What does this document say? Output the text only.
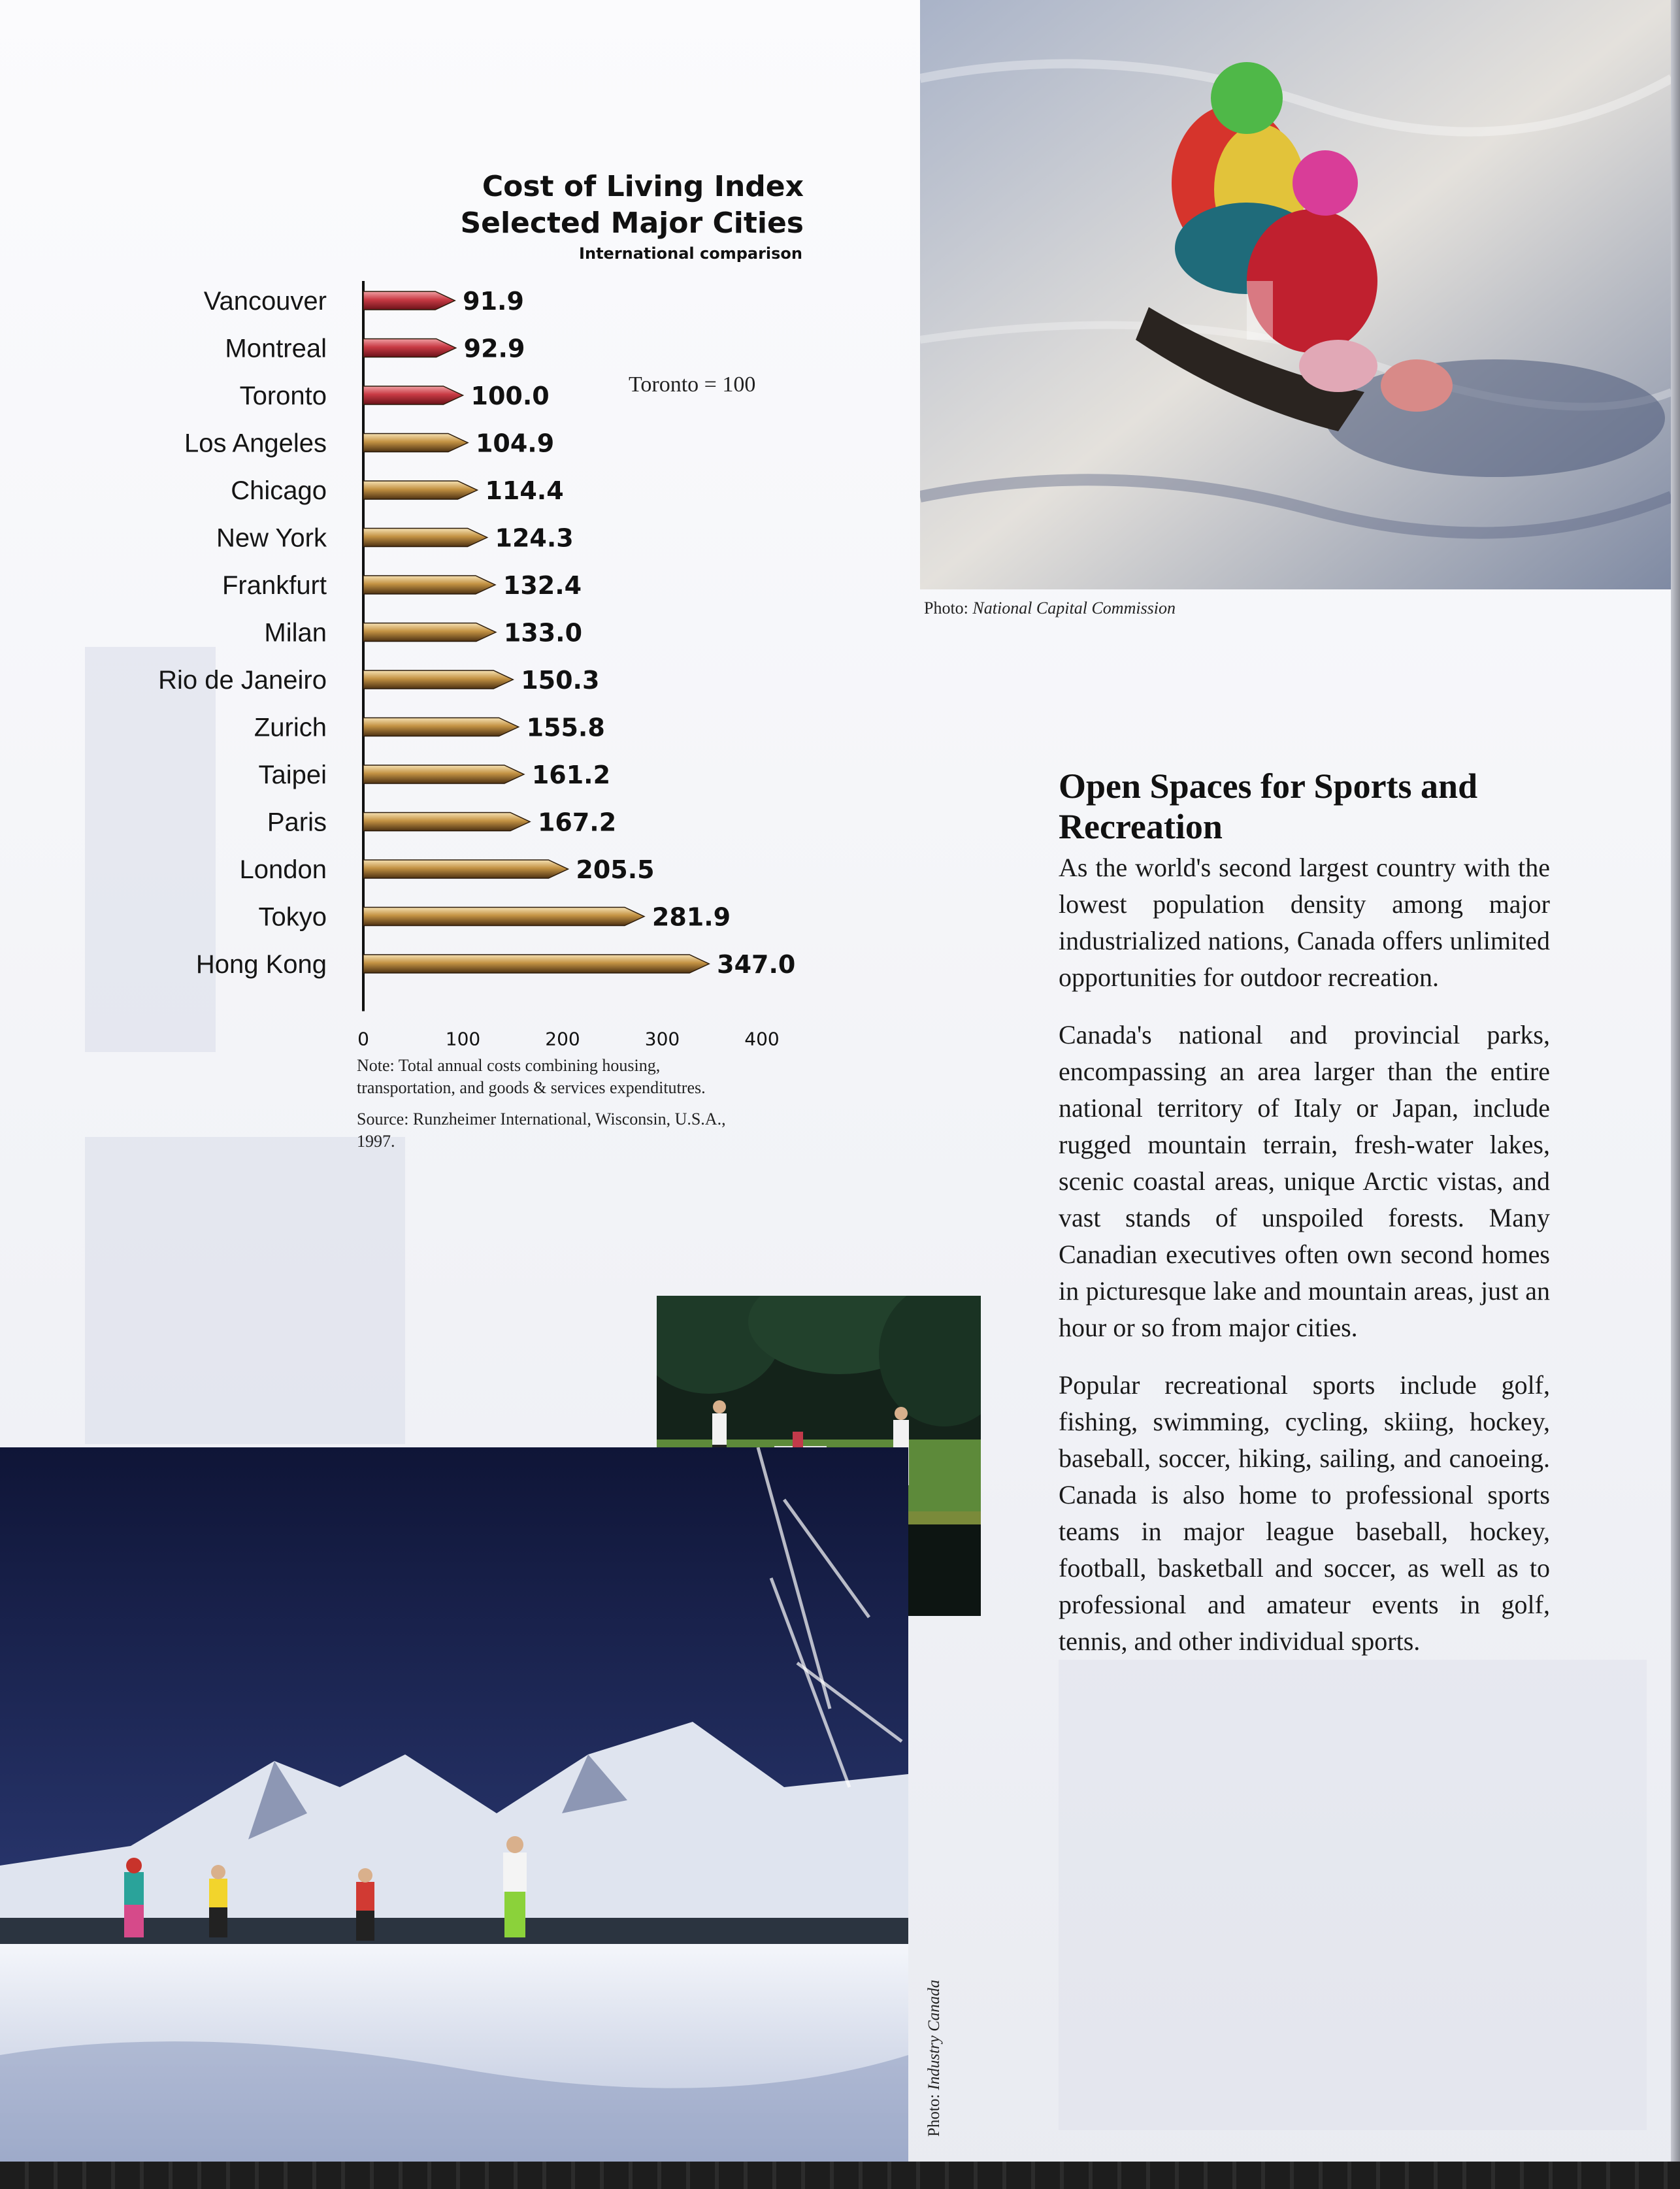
Cost of Living Index
Selected Major Cities
International comparison
Toronto = 100
Vancouver	91.9
Montreal	92.9
Toronto	100.0
Los Angeles	104.9
Chicago	114.4
New York	124.3
Frankfurt	132.4
Milan	133.0
Rio de Janeiro	150.3
Zurich	155.8
Taipei	161.2
Paris	167.2
London	205.5
Tokyo	281.9
Hong Kong	347.0
0	100	200	300	400
Note: Total annual costs combining housing,
transportation, and goods & services expenditutres.
Source: Runzheimer International, Wisconsin, U.S.A.,
1997.
Photo: National Capital Commission
Photo: Industry Canada
Open Spaces for Sports and Recreation

As the world's second largest country with the lowest population density among major industrialized nations, Canada offers unlimited opportunities for outdoor recreation.

Canada's national and provincial parks, encompassing an area larger than the entire national territory of Italy or Japan, include rugged mountain terrain, fresh-water lakes, scenic coastal areas, unique Arctic vistas, and vast stands of unspoiled forests. Many Canadian executives often own second homes in picturesque lake and mountain areas, just an hour or so from major cities.

Popular recreational sports include golf, fishing, swimming, cycling, skiing, hockey, baseball, soccer, hiking, sailing, and canoeing. Canada is also home to professional sports teams in major league baseball, hockey, football, basketball and soccer, as well as to professional and amateur events in golf, tennis, and other individual sports.
